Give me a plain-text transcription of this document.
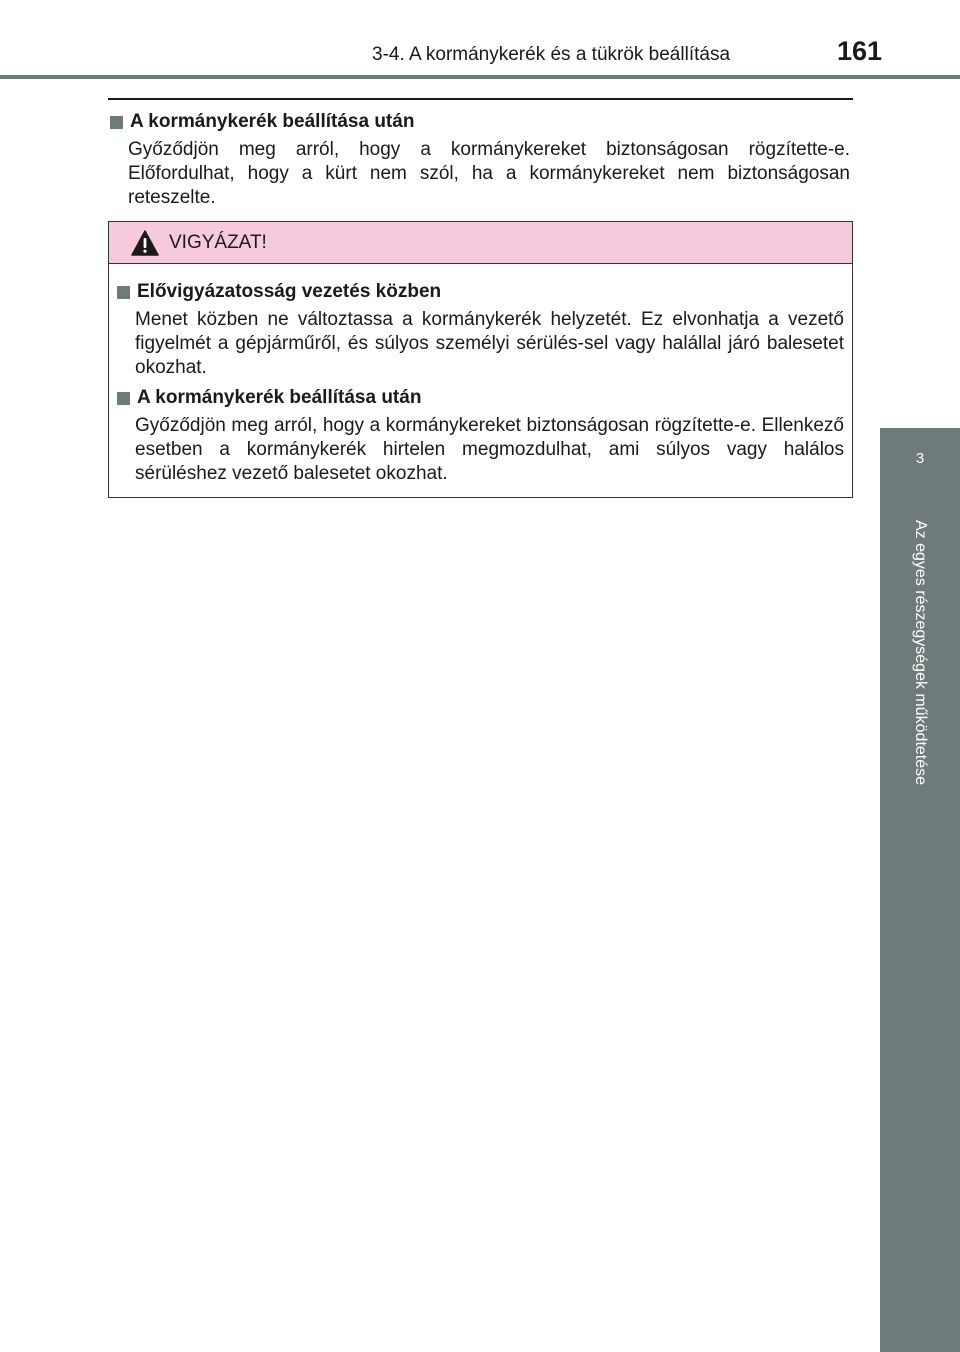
3-4. A kormánykerék és a tükrök beállítása	161
3
Az egyes részegységek működtetése
A kormánykerék beállítása után
Győződjön meg arról, hogy a kormánykereket biztonságosan rögzítette-e. Előfordulhat, hogy a kürt nem szól, ha a kormánykereket nem biztonságosan reteszelte.
VIGYÁZAT!
Elővigyázatosság vezetés közben
Menet közben ne változtassa a kormánykerék helyzetét. Ez elvonhatja a vezető figyelmét a gépjárműről, és súlyos személyi sérülés-sel vagy halállal járó balesetet okozhat.
A kormánykerék beállítása után
Győződjön meg arról, hogy a kormánykereket biztonságosan rögzítette-e. Ellenkező esetben a kormánykerék hirtelen megmozdulhat, ami súlyos vagy halálos sérüléshez vezető balesetet okozhat.
